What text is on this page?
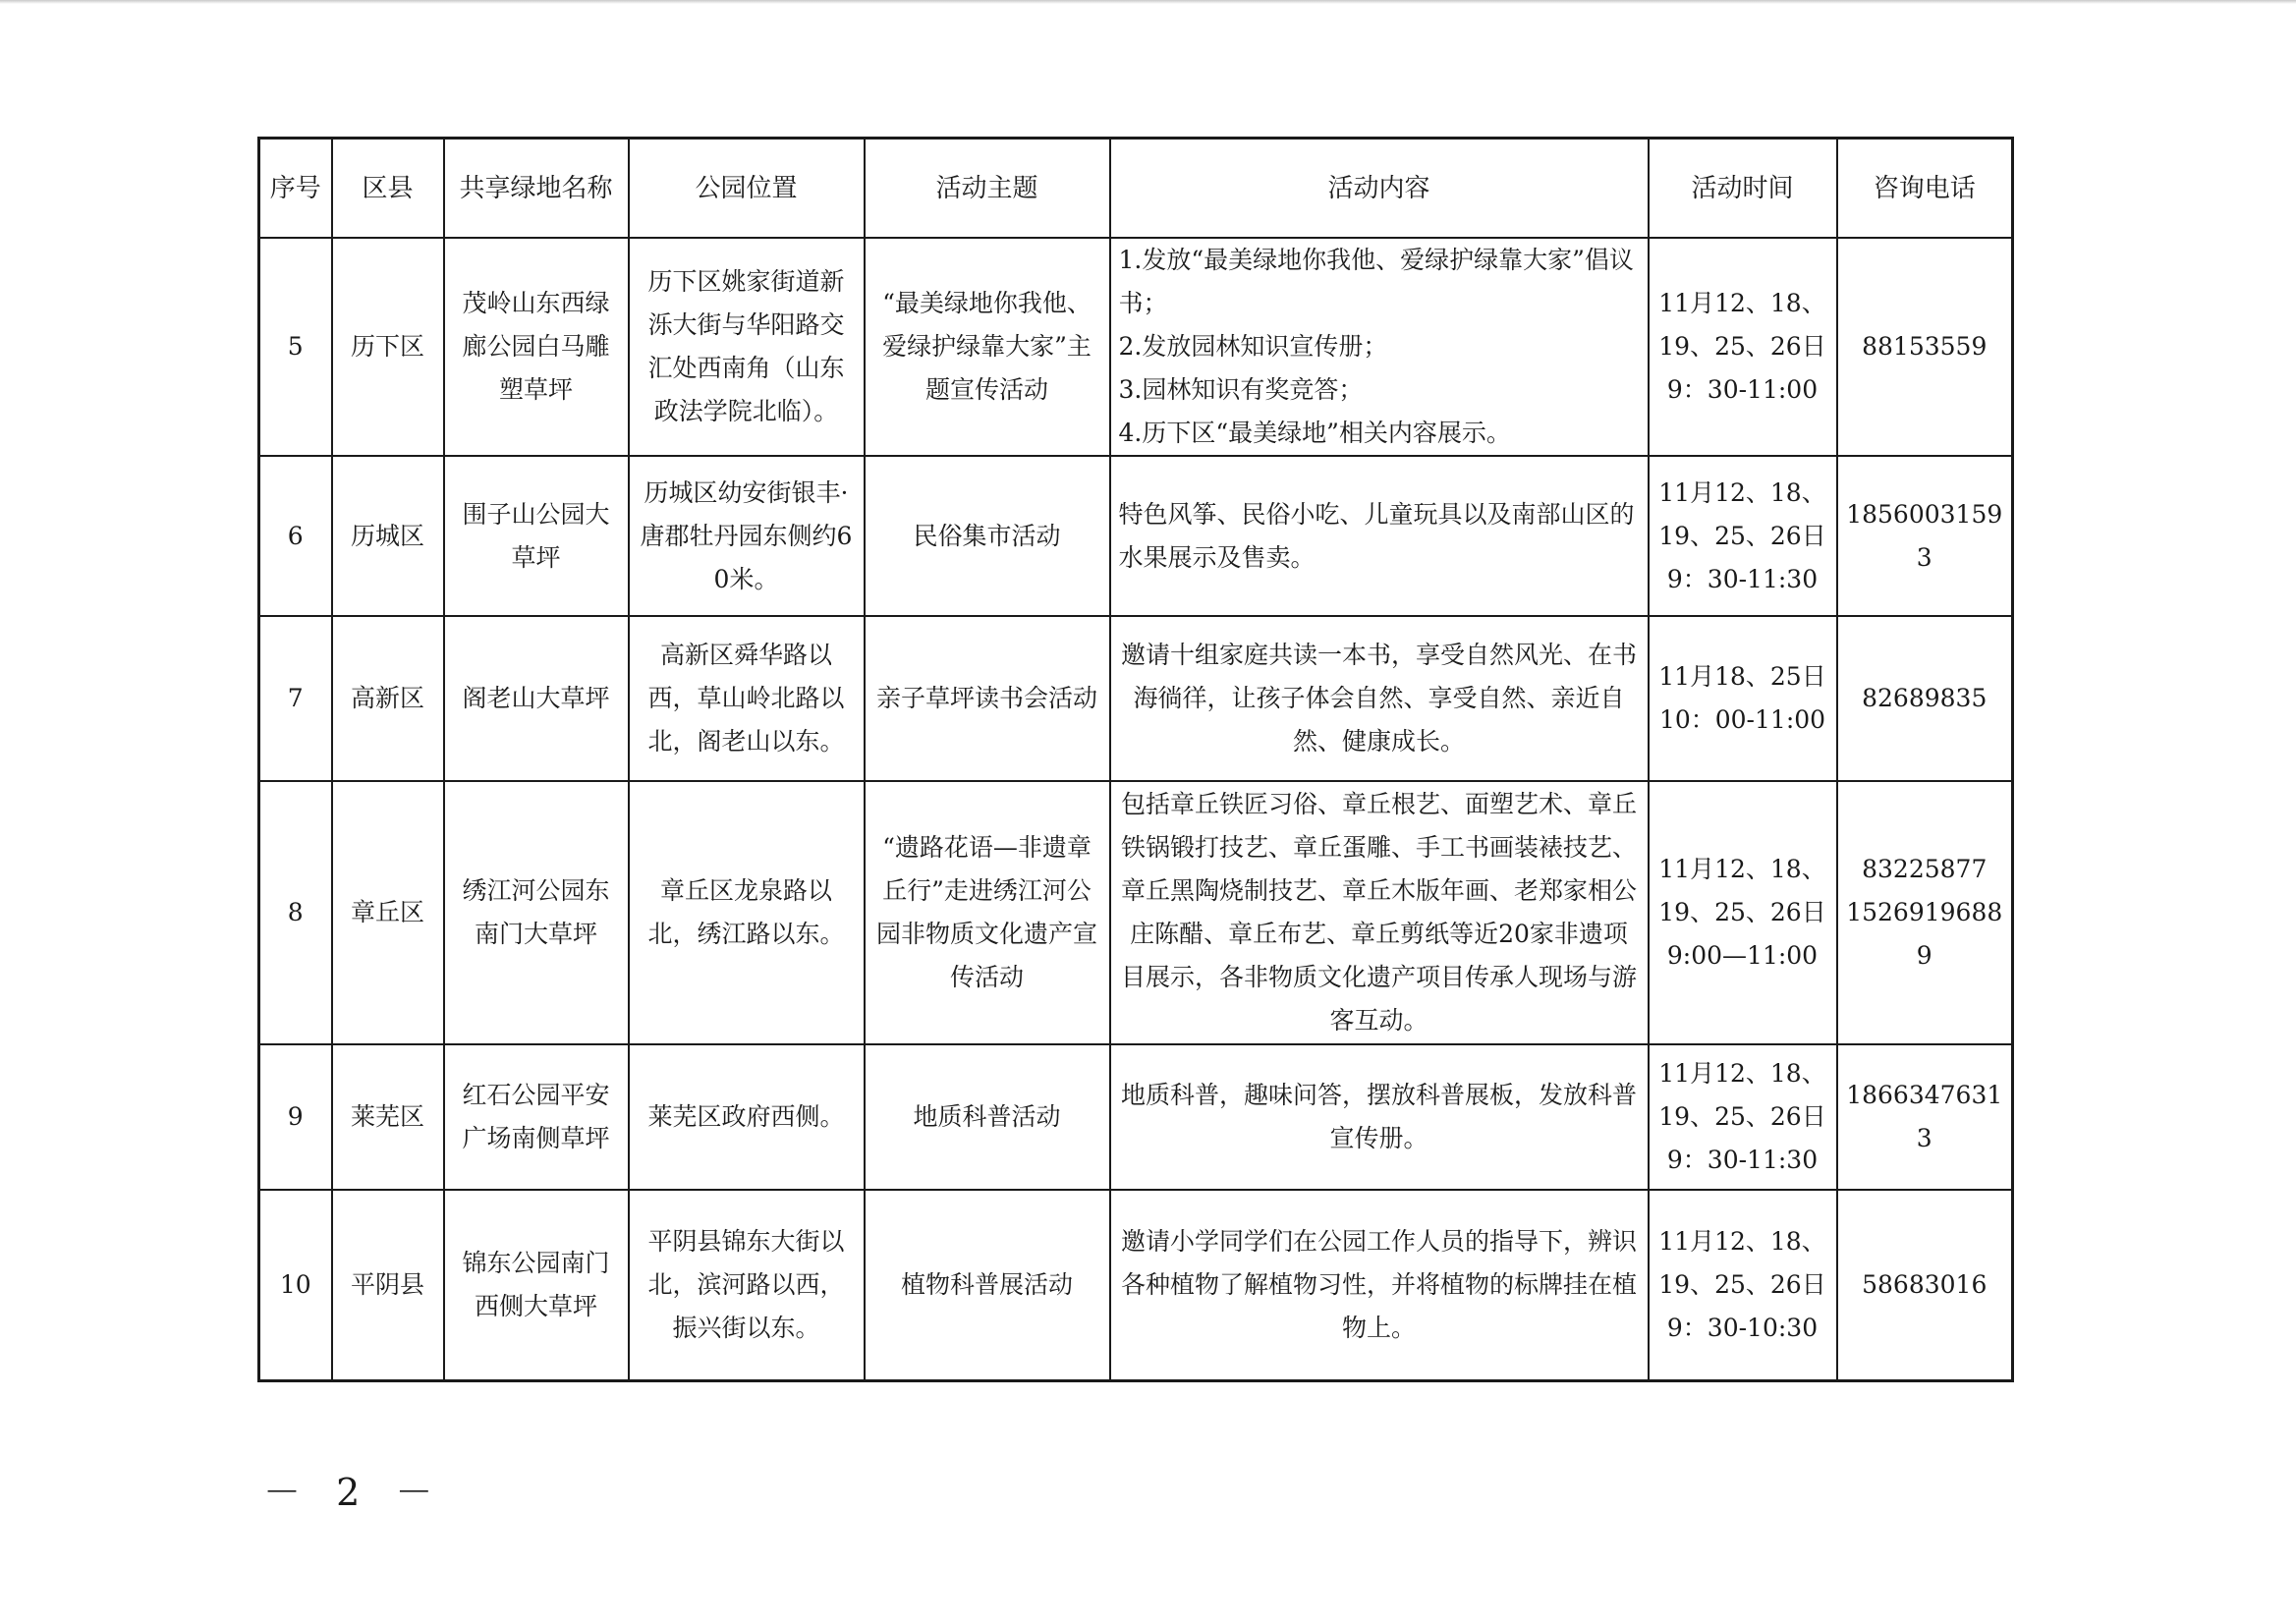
序号	区县	共享绿地名称	公园位置	活动主题	活动内容	活动时间	咨询电话
5	历下区	茂岭山东西绿廊公园白马雕塑草坪	历下区姚家街道新泺大街与华阳路交汇处西南角（山东政法学院北临）。	“最美绿地你我他、爱绿护绿靠大家”主题宣传活动	1.发放“最美绿地你我他、爱绿护绿靠大家”倡议书；
2.发放园林知识宣传册；
3.园林知识有奖竞答；
4.历下区“最美绿地”相关内容展示。	11月12、18、19、25、26日9：30-11:00	88153559

6	历城区	围子山公园大草坪	历城区幼安街银丰·唐郡牡丹园东侧约60米。	民俗集市活动	特色风筝、民俗小吃、儿童玩具以及南部山区的水果展示及售卖。	11月12、18、19、25、26日9：30-11:30	18560031593

7	高新区	阁老山大草坪	高新区舜华路以西，草山岭北路以北，阁老山以东。	亲子草坪读书会活动	邀请十组家庭共读一本书，享受自然风光、在书海徜徉，让孩子体会自然、享受自然、亲近自然、健康成长。	11月18、25日10：00-11:00	82689835

8	章丘区	绣江河公园东南门大草坪	章丘区龙泉路以北，绣江路以东。	“遗路花语—非遗章丘行”走进绣江河公园非物质文化遗产宣传活动	包括章丘铁匠习俗、章丘根艺、面塑艺术、章丘铁锅锻打技艺、章丘蛋雕、手工书画装裱技艺、章丘黑陶烧制技艺、章丘木版年画、老郑家相公庄陈醋、章丘布艺、章丘剪纸等近20家非遗项目展示，各非物质文化遗产项目传承人现场与游客互动。	11月12、18、19、25、26日9:00—11:00	83225877
15269196889

9	莱芜区	红石公园平安广场南侧草坪	莱芜区政府西侧。	地质科普活动	地质科普，趣味问答，摆放科普展板，发放科普宣传册。	11月12、18、19、25、26日9：30-11:30	18663476313

10	平阴县	锦东公园南门西侧大草坪	平阴县锦东大街以北，滨河路以西，振兴街以东。	植物科普展活动	邀请小学同学们在公园工作人员的指导下，辨识各种植物了解植物习性，并将植物的标牌挂在植物上。	11月12、18、19、25、26日9：30-10:30	58683016
－ 2 －
